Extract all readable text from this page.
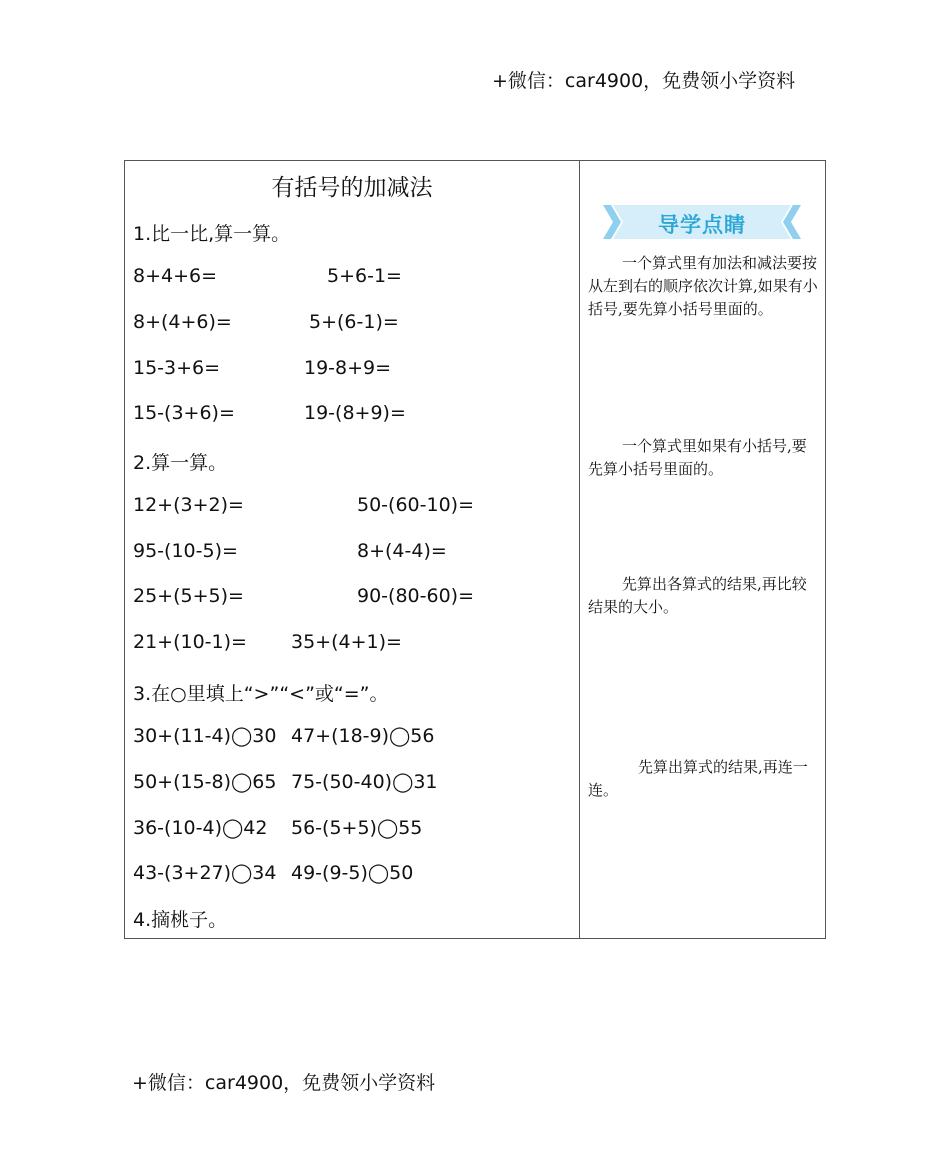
+微信：car4900，免费领小学资料
有括号的加减法
1.比一比,算一算。
8+4+6=	5+6-1=
8+(4+6)=	5+(6-1)=
15-3+6=	19-8+9=
15-(3+6)=	19-(8+9)=
2.算一算。
12+(3+2)=	50-(60-10)=
95-(10-5)=	8+(4-4)=
25+(5+5)=	90-(80-60)=
21+(10-1)= 35+(4+1)=
3.在○里填上“>”“<”或“=”。
30+(11-4)◯30 47+(18-9)◯56
50+(15-8)◯65 75-(50-40)◯31
36-(10-4)◯42 56-(5+5)◯55
43-(3+27)◯34 49-(9-5)◯50
4.摘桃子。
导学点睛
一个算式里有加法和减法要按从左到右的顺序依次计算,如果有小括号,要先算小括号里面的。
一个算式里如果有小括号,要先算小括号里面的。
先算出各算式的结果,再比较结果的大小。
先算出算式的结果,再连一连。
+微信：car4900，免费领小学资料
